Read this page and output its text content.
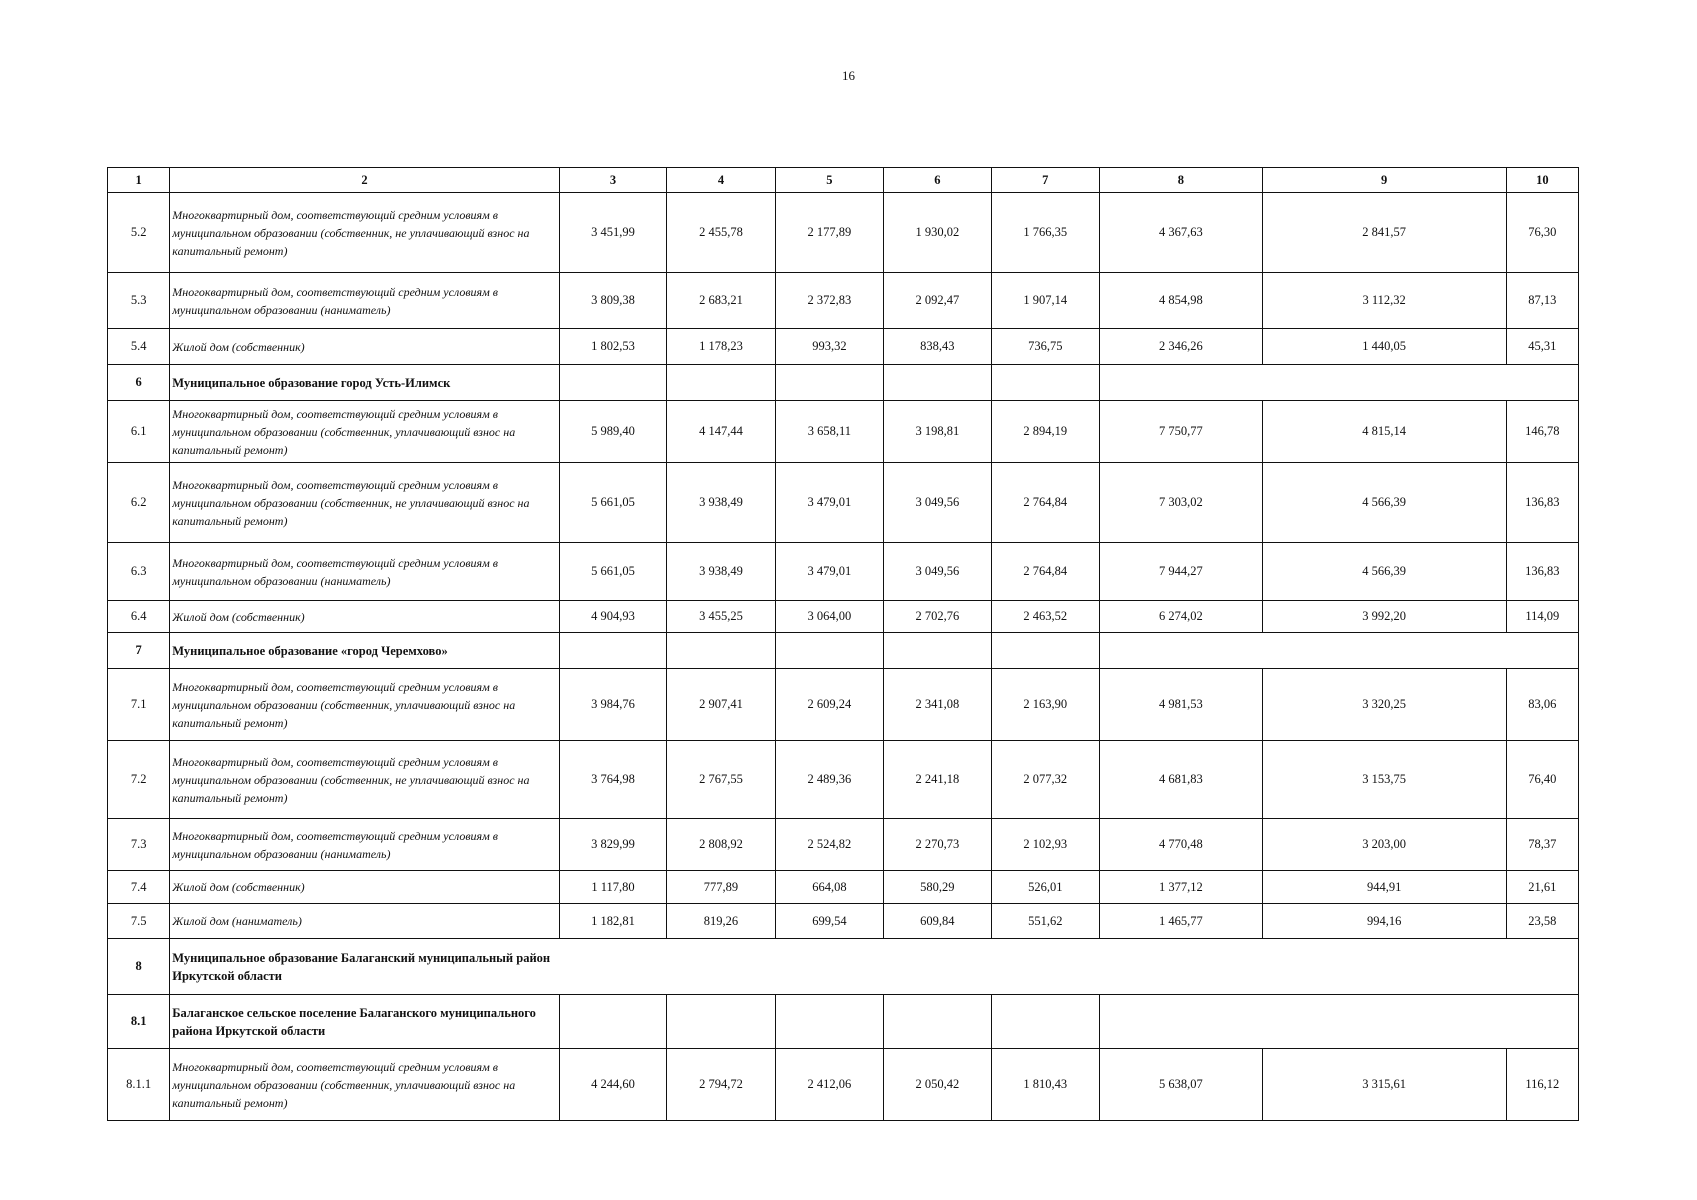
16
1	2	3	4	5	6	7	8	9	10
5.2	Многоквартирный дом, соответствующий средним условиям в муниципальном образовании (собственник, не уплачивающий взнос на капитальный ремонт)	3 451,99	2 455,78	2 177,89	1 930,02	1 766,35	4 367,63	2 841,57	76,30
5.3	Многоквартирный дом, соответствующий средним условиям в муниципальном образовании (наниматель)	3 809,38	2 683,21	2 372,83	2 092,47	1 907,14	4 854,98	3 112,32	87,13
5.4	Жилой дом (собственник)	1 802,53	1 178,23	993,32	838,43	736,75	2 346,26	1 440,05	45,31
6	Муниципальное образование город Усть-Илимск								
6.1	Многоквартирный дом, соответствующий средним условиям в муниципальном образовании (собственник, уплачивающий взнос на капитальный ремонт)	5 989,40	4 147,44	3 658,11	3 198,81	2 894,19	7 750,77	4 815,14	146,78
6.2	Многоквартирный дом, соответствующий средним условиям в муниципальном образовании (собственник, не уплачивающий взнос на капитальный ремонт)	5 661,05	3 938,49	3 479,01	3 049,56	2 764,84	7 303,02	4 566,39	136,83
6.3	Многоквартирный дом, соответствующий средним условиям в муниципальном образовании (наниматель)	5 661,05	3 938,49	3 479,01	3 049,56	2 764,84	7 944,27	4 566,39	136,83
6.4	Жилой дом (собственник)	4 904,93	3 455,25	3 064,00	2 702,76	2 463,52	6 274,02	3 992,20	114,09
7	Муниципальное образование «город Черемхово»								
7.1	Многоквартирный дом, соответствующий средним условиям в муниципальном образовании (собственник, уплачивающий взнос на капитальный ремонт)	3 984,76	2 907,41	2 609,24	2 341,08	2 163,90	4 981,53	3 320,25	83,06
7.2	Многоквартирный дом, соответствующий средним условиям в муниципальном образовании (собственник, не уплачивающий взнос на капитальный ремонт)	3 764,98	2 767,55	2 489,36	2 241,18	2 077,32	4 681,83	3 153,75	76,40
7.3	Многоквартирный дом, соответствующий средним условиям в муниципальном образовании (наниматель)	3 829,99	2 808,92	2 524,82	2 270,73	2 102,93	4 770,48	3 203,00	78,37
7.4	Жилой дом (собственник)	1 117,80	777,89	664,08	580,29	526,01	1 377,12	944,91	21,61
7.5	Жилой дом (наниматель)	1 182,81	819,26	699,54	609,84	551,62	1 465,77	994,16	23,58
8	Муниципальное образование Балаганский муниципальный район Иркутской области								
8.1	Балаганское сельское поселение Балаганского муниципального района Иркутской области								
8.1.1	Многоквартирный дом, соответствующий средним условиям в муниципальном образовании (собственник, уплачивающий взнос на капитальный ремонт)	4 244,60	2 794,72	2 412,06	2 050,42	1 810,43	5 638,07	3 315,61	116,12
